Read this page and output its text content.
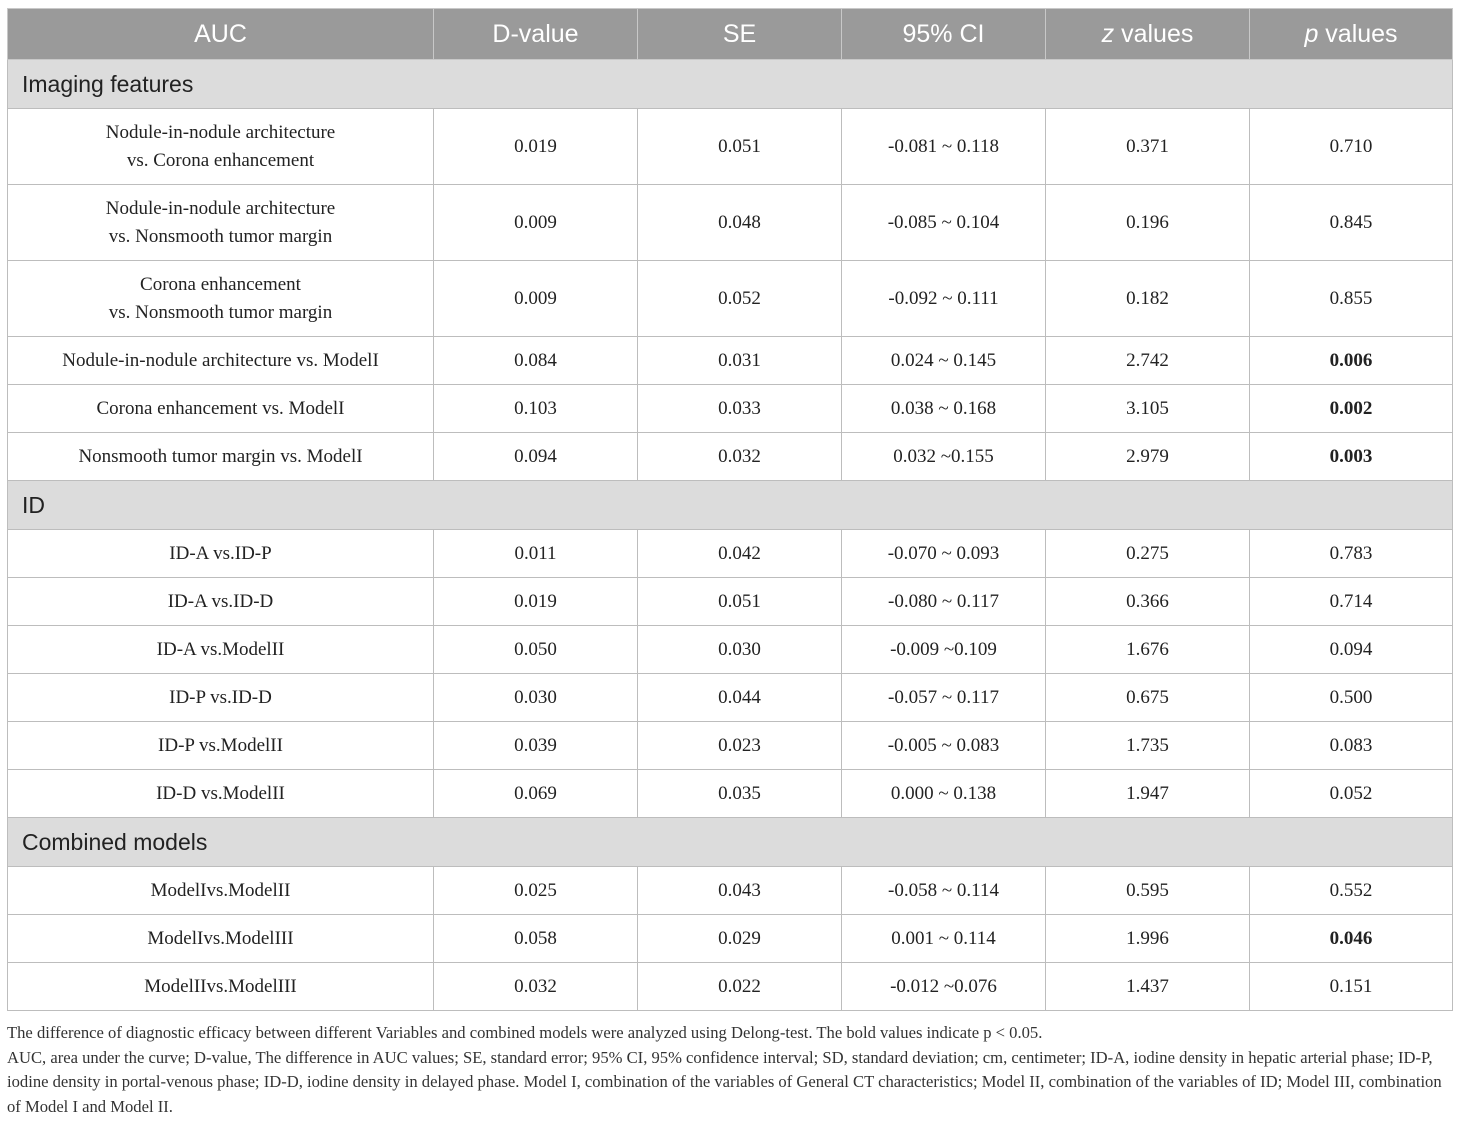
AUC	D-value	SE	95% CI	z values	p values
Imaging features					
Nodule-in-nodule architecture
vs. Corona enhancement	0.019	0.051	-0.081 ~ 0.118	0.371	0.710
Nodule-in-nodule architecture
vs. Nonsmooth tumor margin	0.009	0.048	-0.085 ~ 0.104	0.196	0.845
Corona enhancement
vs. Nonsmooth tumor margin	0.009	0.052	-0.092 ~ 0.111	0.182	0.855
Nodule-in-nodule architecture vs. ModelI	0.084	0.031	0.024 ~ 0.145	2.742	0.006
Corona enhancement vs. ModelI	0.103	0.033	0.038 ~ 0.168	3.105	0.002
Nonsmooth tumor margin vs. ModelI	0.094	0.032	0.032 ~0.155	2.979	0.003
ID					
ID-A vs.ID-P	0.011	0.042	-0.070 ~ 0.093	0.275	0.783
ID-A vs.ID-D	0.019	0.051	-0.080 ~ 0.117	0.366	0.714
ID-A vs.ModelII	0.050	0.030	-0.009 ~0.109	1.676	0.094
ID-P vs.ID-D	0.030	0.044	-0.057 ~ 0.117	0.675	0.500
ID-P vs.ModelII	0.039	0.023	-0.005 ~ 0.083	1.735	0.083
ID-D vs.ModelII	0.069	0.035	0.000 ~ 0.138	1.947	0.052
Combined models					
ModelIvs.ModelII	0.025	0.043	-0.058 ~ 0.114	0.595	0.552
ModelIvs.ModelIII	0.058	0.029	0.001 ~ 0.114	1.996	0.046
ModelIIvs.ModelIII	0.032	0.022	-0.012 ~0.076	1.437	0.151

The difference of diagnostic efficacy between different Variables and combined models were analyzed using Delong-test. The bold values indicate p < 0.05.

AUC, area under the curve; D-value, The difference in AUC values; SE, standard error; 95% CI, 95% confidence interval; SD, standard deviation; cm, centimeter; ID-A, iodine density in hepatic arterial phase; ID-P, iodine density in portal-venous phase; ID-D, iodine density in delayed phase. Model I, combination of the variables of General CT characteristics; Model II, combination of the variables of ID; Model III, combination of Model I and Model II.
